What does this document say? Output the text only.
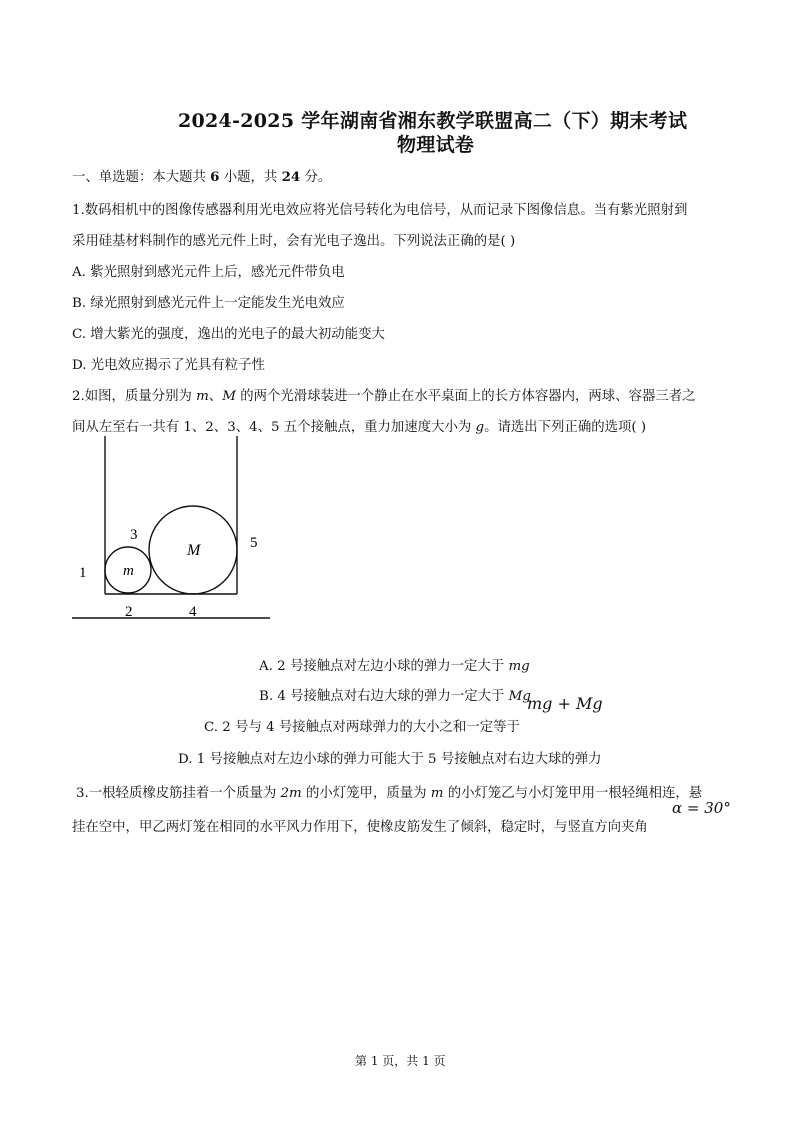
2024-2025 学年湖南省湘东教学联盟高二（下）期末考试
物理试卷
一、单选题：本大题共 6 小题，共 24 分。
1.数码相机中的图像传感器利用光电效应将光信号转化为电信号，从而记录下图像信息。当有紫光照射到
采用硅基材料制作的感光元件上时，会有光电子逸出。下列说法正确的是( )
A. 紫光照射到感光元件上后，感光元件带负电
B. 绿光照射到感光元件上一定能发生光电效应
C. 增大紫光的强度，逸出的光电子的最大初动能变大
D. 光电效应揭示了光具有粒子性
2.如图，质量分别为 m、M 的两个光滑球装进一个静止在水平桌面上的长方体容器内，两球、容器三者之
间从左至右一共有 1、2、3、4、5 五个接触点，重力加速度大小为 g。请选出下列正确的选项( )
m
M
1
2
3
4
5
A. 2 号接触点对左边小球的弹力一定大于 mg
B. 4 号接触点对右边大球的弹力一定大于 Mg
mg + Mg
C. 2 号与 4 号接触点对两球弹力的大小之和一定等于
D. 1 号接触点对左边小球的弹力可能大于 5 号接触点对右边大球的弹力
3.一根轻质橡皮筋挂着一个质量为 2m 的小灯笼甲，质量为 m 的小灯笼乙与小灯笼甲用一根轻绳相连，悬
α = 30°
挂在空中，甲乙两灯笼在相同的水平风力作用下，使橡皮筋发生了倾斜，稳定时，与竖直方向夹角
第 1 页，共 1 页
